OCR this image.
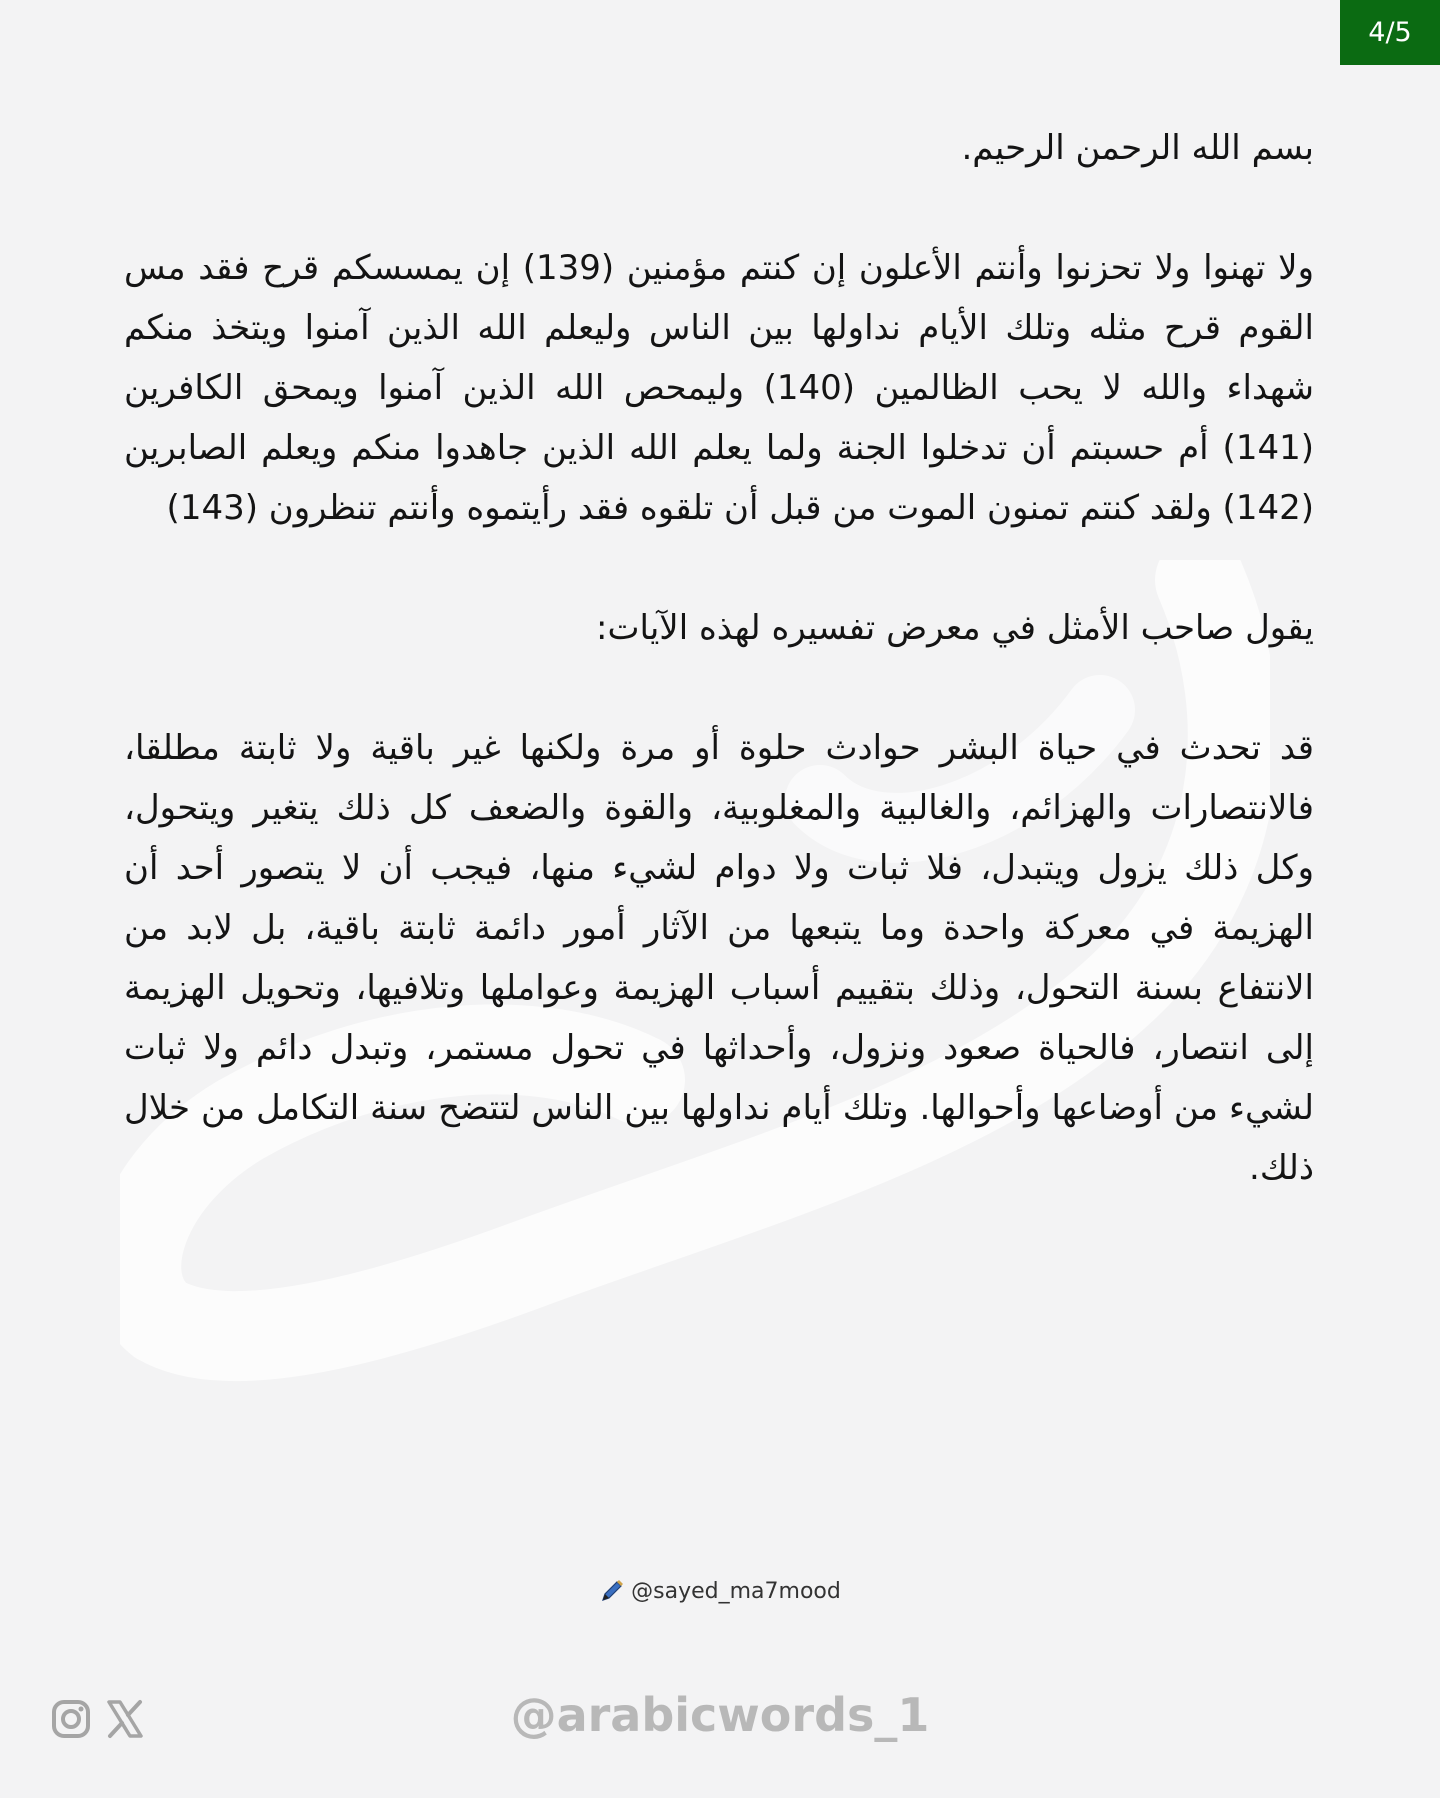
4/5

بسم الله الرحمن الرحيم.

ولا تهنوا ولا تحزنوا وأنتم الأعلون إن كنتم مؤمنين (139) إن يمسسكم قرح فقد مس القوم قرح مثله وتلك الأيام نداولها بين الناس وليعلم الله الذين آمنوا ويتخذ منكم شهداء والله لا يحب الظالمين (140) وليمحص الله الذين آمنوا ويمحق الكافرين (141) أم حسبتم أن تدخلوا الجنة ولما يعلم الله الذين جاهدوا منكم ويعلم الصابرين (142) ولقد كنتم تمنون الموت من قبل أن تلقوه فقد رأيتموه وأنتم تنظرون (143)

يقول صاحب الأمثل في معرض تفسيره لهذه الآيات:

قد تحدث في حياة البشر حوادث حلوة أو مرة ولكنها غير باقية ولا ثابتة مطلقا، فالانتصارات والهزائم، والغالبية والمغلوبية، والقوة والضعف كل ذلك يتغير ويتحول، وكل ذلك يزول ويتبدل، فلا ثبات ولا دوام لشيء منها، فيجب أن لا يتصور أحد أن الهزيمة في معركة واحدة وما يتبعها من الآثار أمور دائمة ثابتة باقية، بل لابد من الانتفاع بسنة التحول، وذلك بتقييم أسباب الهزيمة وعواملها وتلافيها، وتحويل الهزيمة إلى انتصار، فالحياة صعود ونزول، وأحداثها في تحول مستمر، وتبدل دائم ولا ثبات لشيء من أوضاعها وأحوالها. وتلك أيام نداولها بين الناس لتتضح سنة التكامل من خلال ذلك.

@sayed_ma7mood
@arabicwords_1
